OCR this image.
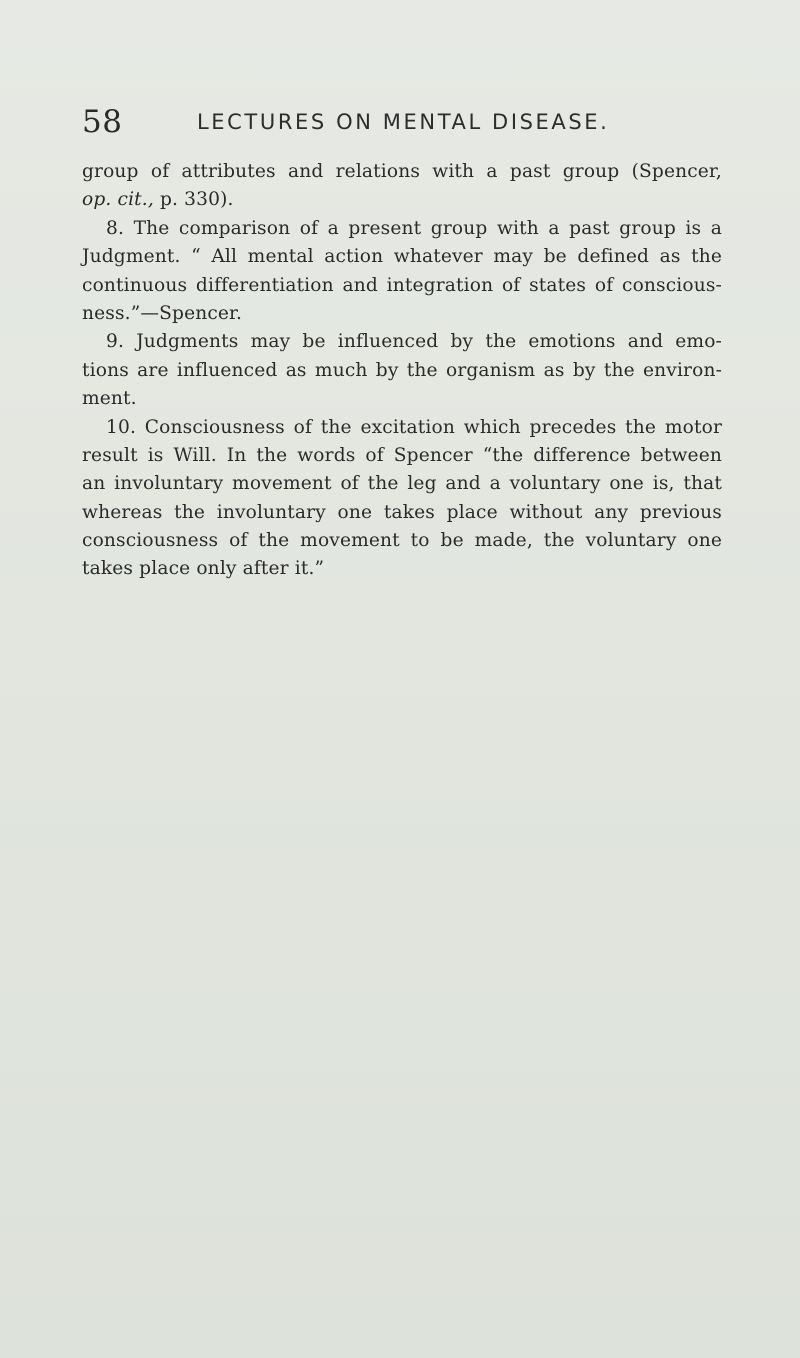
58	LECTURES ON MENTAL DISEASE.
group of attributes and relations with a past group (Spencer,
op. cit., p. 330).
8. The comparison of a present group with a past group is a
Judgment. “ All mental action whatever may be defined as the
continuous differentiation and integration of states of conscious-
ness.”—Spencer.
9. Judgments may be influenced by the emotions and emo-
tions are influenced as much by the organism as by the environ-
ment.
10. Consciousness of the excitation which precedes the motor
result is Will. In the words of Spencer “the difference between
an involuntary movement of the leg and a voluntary one is, that
whereas the involuntary one takes place without any previous
consciousness of the movement to be made, the voluntary one
takes place only after it.”
